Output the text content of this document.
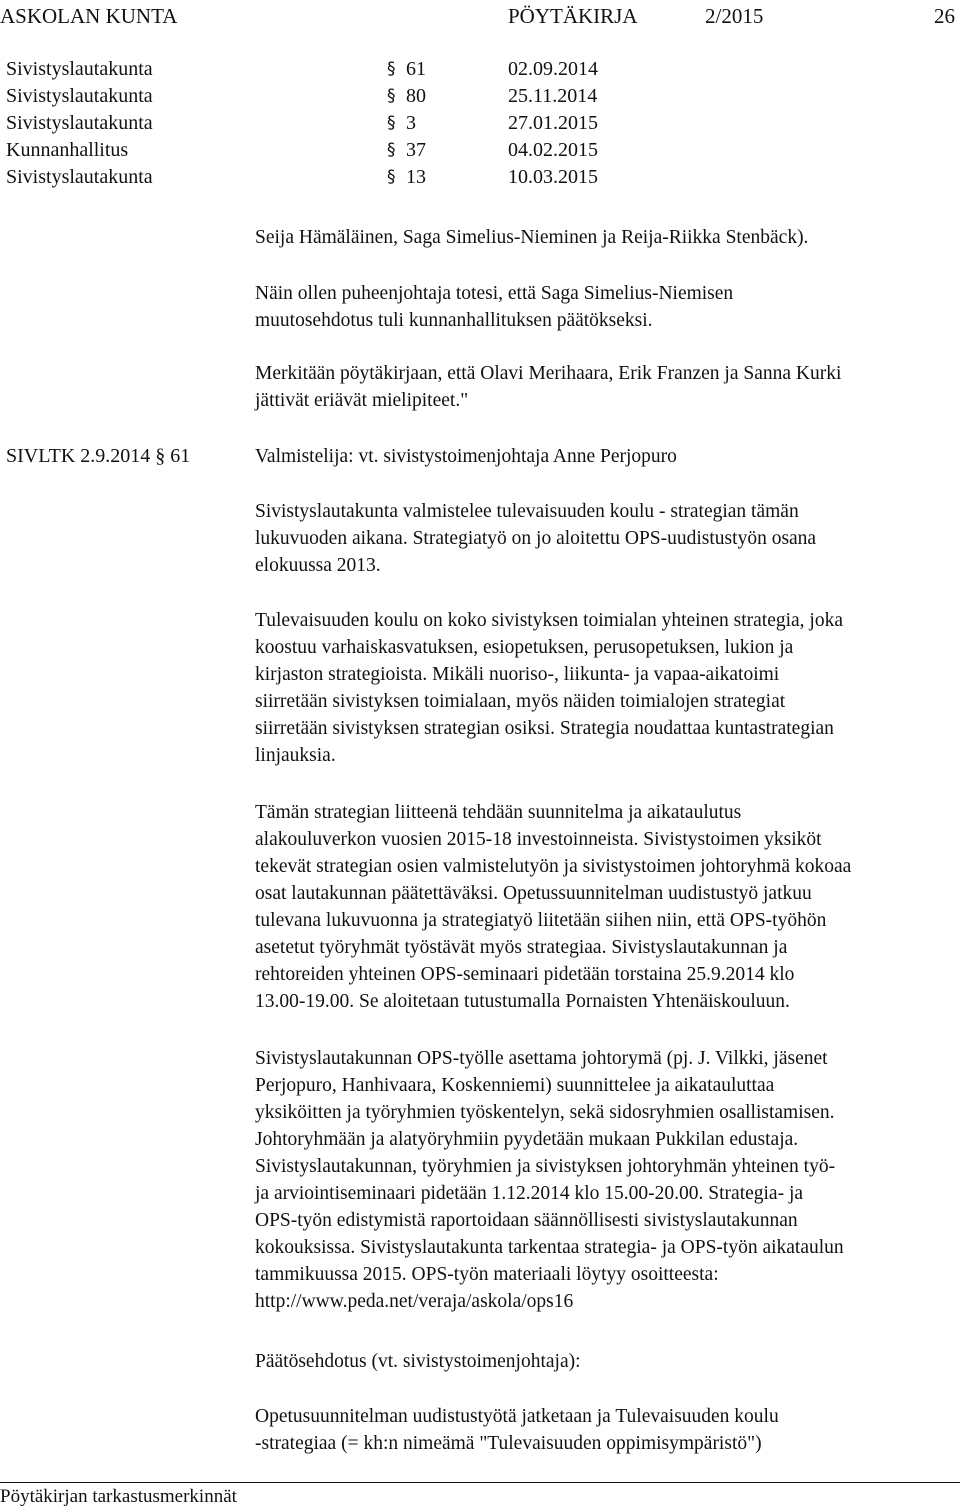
ASKOLAN KUNTA	PÖYTÄKIRJA	2/2015	26
Sivistyslautakunta	§ 61	02.09.2014
Sivistyslautakunta	§ 80	25.11.2014
Sivistyslautakunta	§ 3	27.01.2015
Kunnanhallitus	§ 37	04.02.2015
Sivistyslautakunta	§ 13	10.03.2015

Seija Hämäläinen, Saga Simelius-Nieminen ja Reija-Riikka Stenbäck).

Näin ollen puheenjohtaja totesi, että Saga Simelius-Niemisen

muutosehdotus tuli kunnanhallituksen päätökseksi.

Merkitään pöytäkirjaan, että Olavi Merihaara, Erik Franzen ja Sanna Kurki

jättivät eriävät mielipiteet."

SIVLTK 2.9.2014 § 61	Valmistelija: vt. sivistystoimenjohtaja Anne Perjopuro

Sivistyslautakunta valmistelee tulevaisuuden koulu - strategian tämän

lukuvuoden aikana. Strategiatyö on jo aloitettu OPS-uudistustyön osana

elokuussa 2013.

Tulevaisuuden koulu on koko sivistyksen toimialan yhteinen strategia, joka

koostuu varhaiskasvatuksen, esiopetuksen, perusopetuksen, lukion ja

kirjaston strategioista. Mikäli nuoriso-, liikunta- ja vapaa-aikatoimi

siirretään sivistyksen toimialaan, myös näiden toimialojen strategiat

siirretään sivistyksen strategian osiksi. Strategia noudattaa kuntastrategian

linjauksia.

Tämän strategian liitteenä tehdään suunnitelma ja aikataulutus

alakouluverkon vuosien 2015-18 investoinneista. Sivistystoimen yksiköt

tekevät strategian osien valmistelutyön ja sivistystoimen johtoryhmä kokoaa

osat lautakunnan päätettäväksi. Opetussuunnitelman uudistustyö jatkuu

tulevana lukuvuonna ja strategiatyö liitetään siihen niin, että OPS-työhön

asetetut työryhmät työstävät myös strategiaa. Sivistyslautakunnan ja

rehtoreiden yhteinen OPS-seminaari pidetään torstaina 25.9.2014 klo

13.00-19.00. Se aloitetaan tutustumalla Pornaisten Yhtenäiskouluun.

Sivistyslautakunnan OPS-työlle asettama johtorymä (pj. J. Vilkki, jäsenet

Perjopuro, Hanhivaara, Koskenniemi) suunnittelee ja aikatauluttaa

yksiköitten ja työryhmien työskentelyn, sekä sidosryhmien osallistamisen.

Johtoryhmään ja alatyöryhmiin pyydetään mukaan Pukkilan edustaja.

Sivistyslautakunnan, työryhmien ja sivistyksen johtoryhmän yhteinen työ-

ja arviointiseminaari pidetään 1.12.2014 klo 15.00-20.00. Strategia- ja

OPS-työn edistymistä raportoidaan säännöllisesti sivistyslautakunnan

kokouksissa. Sivistyslautakunta tarkentaa strategia- ja OPS-työn aikataulun

tammikuussa 2015. OPS-työn materiaali löytyy osoitteesta:

http://www.peda.net/veraja/askola/ops16

Päätösehdotus (vt. sivistystoimenjohtaja):

Opetusuunnitelman uudistustyötä jatketaan ja Tulevaisuuden koulu

-strategiaa (= kh:n nimeämä "Tulevaisuuden oppimisympäristö")

Pöytäkirjan tarkastusmerkinnät
